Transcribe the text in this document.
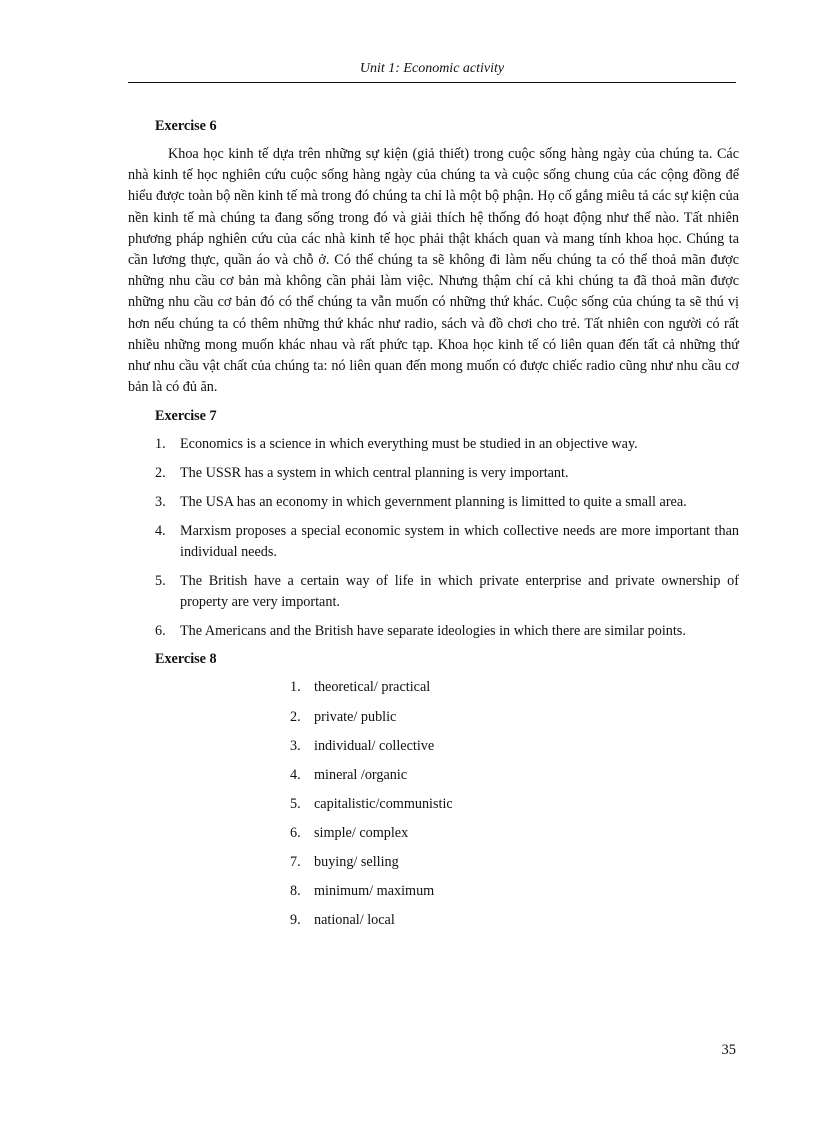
Unit 1: Economic activity
Exercise 6

Khoa học kinh tế dựa trên những sự kiện (giả thiết) trong cuộc sống hàng ngày của chúng ta. Các nhà kinh tế học nghiên cứu cuộc sống hàng ngày của chúng ta và cuộc sống chung của các cộng đồng để hiểu được toàn bộ nền kinh tế mà trong đó chúng ta chỉ là một bộ phận. Họ cố gắng miêu tả các sự kiện của nền kinh tế mà chúng ta đang sống trong đó và giải thích hệ thống đó hoạt động như thế nào. Tất nhiên phương pháp nghiên cứu của các nhà kinh tế học phải thật khách quan và mang tính khoa học. Chúng ta cần lương thực, quần áo và chỗ ở. Có thể chúng ta sẽ không đi làm nếu chúng ta có thể thoả mãn được những nhu cầu cơ bản mà không cần phải làm việc. Nhưng thậm chí cả khi chúng ta đã thoả mãn được những nhu cầu cơ bản đó có thể chúng ta vẫn muốn có những thứ khác. Cuộc sống của chúng ta sẽ thú vị hơn nếu chúng ta có thêm những thứ khác như radio, sách và đồ chơi cho trẻ. Tất nhiên con người có rất nhiều những mong muốn khác nhau và rất phức tạp. Khoa học kinh tế có liên quan đến tất cả những thứ như nhu cầu vật chất của chúng ta: nó liên quan đến mong muốn có được chiếc radio cũng như nhu cầu cơ bản là có đủ ăn.

Exercise 7
1. Economics is a science in which everything must be studied in an objective way.
2. The USSR has a system in which central planning is very important.
3. The USA has an economy in which gevernment planning is limitted to quite a small area.
4. Marxism proposes a special economic system in which collective needs are more important than individual needs.
5. The British have a certain way of life in which private enterprise and private ownership of property are very important.
6. The Americans and the British have separate ideologies in which there are similar points.
Exercise 8
1. theoretical/ practical
2. private/ public
3. individual/ collective
4. mineral /organic
5. capitalistic/communistic
6. simple/ complex
7. buying/ selling
8. minimum/ maximum
9. national/ local
35
